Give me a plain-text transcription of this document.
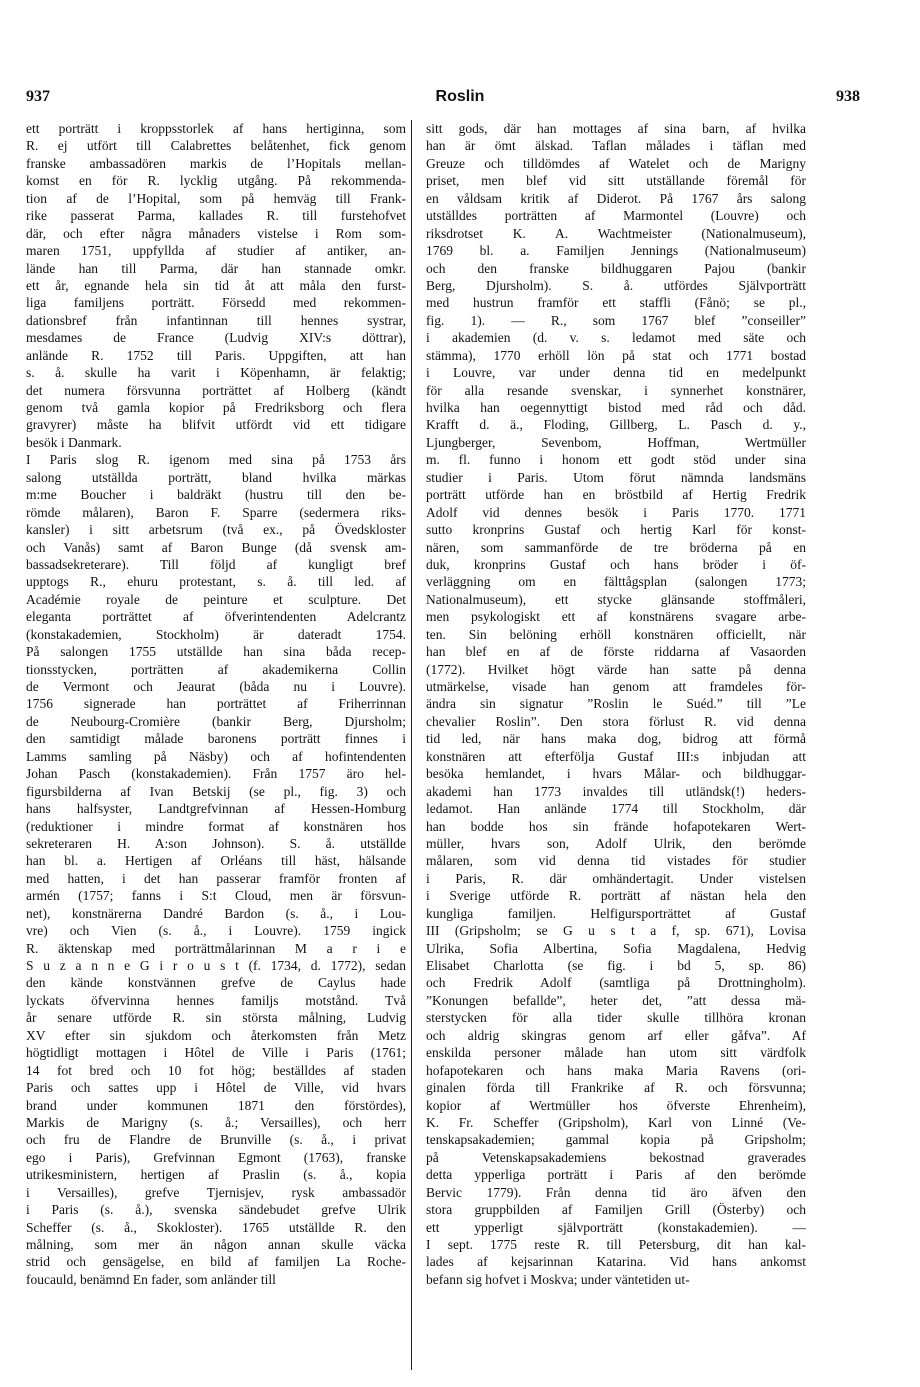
937	Roslin	938
ett porträtt i kroppsstorlek af hans hertiginna, som
R. ej utfört till Calabrettes belåtenhet, fick genom
franske ambassadören markis de l’Hopitals mellan-
komst en för R. lycklig utgång. På rekommenda-
tion af de l’Hopital, som på hemväg till Frank-
rike passerat Parma, kallades R. till furstehofvet
där, och efter några månaders vistelse i Rom som-
maren 1751, uppfyllda af studier af antiker, an-
lände han till Parma, där han stannade omkr.
ett år, egnande hela sin tid åt att måla den furst-
liga familjens porträtt. Försedd med rekommen-
dationsbref från infantinnan till hennes systrar,
mesdames de France (Ludvig XIV:s döttrar),
anlände R. 1752 till Paris. Uppgiften, att han
s. å. skulle ha varit i Köpenhamn, är felaktig;
det numera försvunna porträttet af Holberg (kändt
genom två gamla kopior på Fredriksborg och flera
gravyrer) måste ha blifvit utfördt vid ett tidigare
besök i Danmark.
I Paris slog R. igenom med sina på 1753 års
salong utställda porträtt, bland hvilka märkas
m:me Boucher i baldräkt (hustru till den be-
römde målaren), Baron F. Sparre (sedermera riks-
kansler) i sitt arbetsrum (två ex., på Övedskloster
och Vanås) samt af Baron Bunge (då svensk am-
bassadsekreterare). Till följd af kungligt bref
upptogs R., ehuru protestant, s. å. till led. af
Académie royale de peinture et sculpture. Det
eleganta porträttet af öfverintendenten Adelcrantz
(konstakademien, Stockholm) är dateradt 1754.
På salongen 1755 utställde han sina båda recep-
tionsstycken, porträtten af akademikerna Collin
de Vermont och Jeaurat (båda nu i Louvre).
1756 signerade han porträttet af Friherrinnan
de Neubourg-Cromière (bankir Berg, Djursholm;
den samtidigt målade baronens porträtt finnes i
Lamms samling på Näsby) och af hofintendenten
Johan Pasch (konstakademien). Från 1757 äro hel-
figursbilderna af Ivan Betskij (se pl., fig. 3) och
hans halfsyster, Landtgrefvinnan af Hessen-Homburg
(reduktioner i mindre format af konstnären hos
sekreteraren H. A:son Johnson). S. å. utställde
han bl. a. Hertigen af Orléans till häst, hälsande
med hatten, i det han passerar framför fronten af
armén (1757; fanns i S:t Cloud, men är försvun-
net), konstnärerna Dandré Bardon (s. å., i Lou-
vre) och Vien (s. å., i Louvre). 1759 ingick
R. äktenskap med porträttmålarinnan M a r i e
S u z a n n e G i r o u s t (f. 1734, d. 1772), sedan
den kände konstvännen grefve de Caylus hade
lyckats öfvervinna hennes familjs motstånd. Två
år senare utförde R. sin största målning, Ludvig
XV efter sin sjukdom och återkomsten från Metz
högtidligt mottagen i Hôtel de Ville i Paris (1761;
14 fot bred och 10 fot hög; beställdes af staden
Paris och sattes upp i Hôtel de Ville, vid hvars
brand under kommunen 1871 den förstördes),
Markis de Marigny (s. å.; Versailles), och herr
och fru de Flandre de Brunville (s. å., i privat
ego i Paris), Grefvinnan Egmont (1763), franske
utrikesministern, hertigen af Praslin (s. å., kopia
i Versailles), grefve Tjernisjev, rysk ambassadör
i Paris (s. å.), svenska sändebudet grefve Ulrik
Scheffer (s. å., Skokloster). 1765 utställde R. den
målning, som mer än någon annan skulle väcka
strid och gensägelse, en bild af familjen La Roche-
foucauld, benämnd En fader, som anländer till
sitt gods, där han mottages af sina barn, af hvilka
han är ömt älskad. Taflan målades i täflan med
Greuze och tilldömdes af Watelet och de Marigny
priset, men blef vid sitt utställande föremål för
en våldsam kritik af Diderot. På 1767 års salong
utställdes porträtten af Marmontel (Louvre) och
riksdrotset K. A. Wachtmeister (Nationalmuseum),
1769 bl. a. Familjen Jennings (Nationalmuseum)
och den franske bildhuggaren Pajou (bankir
Berg, Djursholm). S. å. utfördes Självporträtt
med hustrun framför ett staffli (Fånö; se pl.,
fig. 1). — R., som 1767 blef ”conseiller”
i akademien (d. v. s. ledamot med säte och
stämma), 1770 erhöll lön på stat och 1771 bostad
i Louvre, var under denna tid en medelpunkt
för alla resande svenskar, i synnerhet konstnärer,
hvilka han oegennyttigt bistod med råd och dåd.
Krafft d. ä., Floding, Gillberg, L. Pasch d. y.,
Ljungberger, Sevenbom, Hoffman, Wertmüller
m. fl. funno i honom ett godt stöd under sina
studier i Paris. Utom förut nämnda landsmäns
porträtt utförde han en bröstbild af Hertig Fredrik
Adolf vid dennes besök i Paris 1770. 1771
sutto kronprins Gustaf och hertig Karl för konst-
nären, som sammanförde de tre bröderna på en
duk, kronprins Gustaf och hans bröder i öf-
verläggning om en fälttågsplan (salongen 1773;
Nationalmuseum), ett stycke glänsande stoffmåleri,
men psykologiskt ett af konstnärens svagare arbe-
ten. Sin belöning erhöll konstnären officiellt, när
han blef en af de förste riddarna af Vasaorden
(1772). Hvilket högt värde han satte på denna
utmärkelse, visade han genom att framdeles för-
ändra sin signatur ”Roslin le Suéd.” till ”Le
chevalier Roslin”. Den stora förlust R. vid denna
tid led, när hans maka dog, bidrog att förmå
konstnären att efterfölja Gustaf III:s inbjudan att
besöka hemlandet, i hvars Målar- och bildhuggar-
akademi han 1773 invaldes till utländsk(!) heders-
ledamot. Han anlände 1774 till Stockholm, där
han bodde hos sin frände hofapotekaren Wert-
müller, hvars son, Adolf Ulrik, den berömde
målaren, som vid denna tid vistades för studier
i Paris, R. där omhändertagit. Under vistelsen
i Sverige utförde R. porträtt af nästan hela den
kungliga familjen. Helfigursporträttet af Gustaf
III (Gripsholm; se G u s t a f, sp. 671), Lovisa
Ulrika, Sofia Albertina, Sofia Magdalena, Hedvig
Elisabet Charlotta (se fig. i bd 5, sp. 86)
och Fredrik Adolf (samtliga på Drottningholm).
”Konungen befallde”, heter det, ”att dessa mä-
sterstycken för alla tider skulle tillhöra kronan
och aldrig skingras genom arf eller gåfva”. Af
enskilda personer målade han utom sitt värdfolk
hofapotekaren och hans maka Maria Ravens (ori-
ginalen förda till Frankrike af R. och försvunna;
kopior af Wertmüller hos öfverste Ehrenheim),
K. Fr. Scheffer (Gripsholm), Karl von Linné (Ve-
tenskapsakademien; gammal kopia på Gripsholm;
på Vetenskapsakademiens bekostnad graverades
detta ypperliga porträtt i Paris af den berömde
Bervic 1779). Från denna tid äro äfven den
stora gruppbilden af Familjen Grill (Österby) och
ett ypperligt självporträtt (konstakademien). —
I sept. 1775 reste R. till Petersburg, dit han kal-
lades af kejsarinnan Katarina. Vid hans ankomst
befann sig hofvet i Moskva; under väntetiden ut-
